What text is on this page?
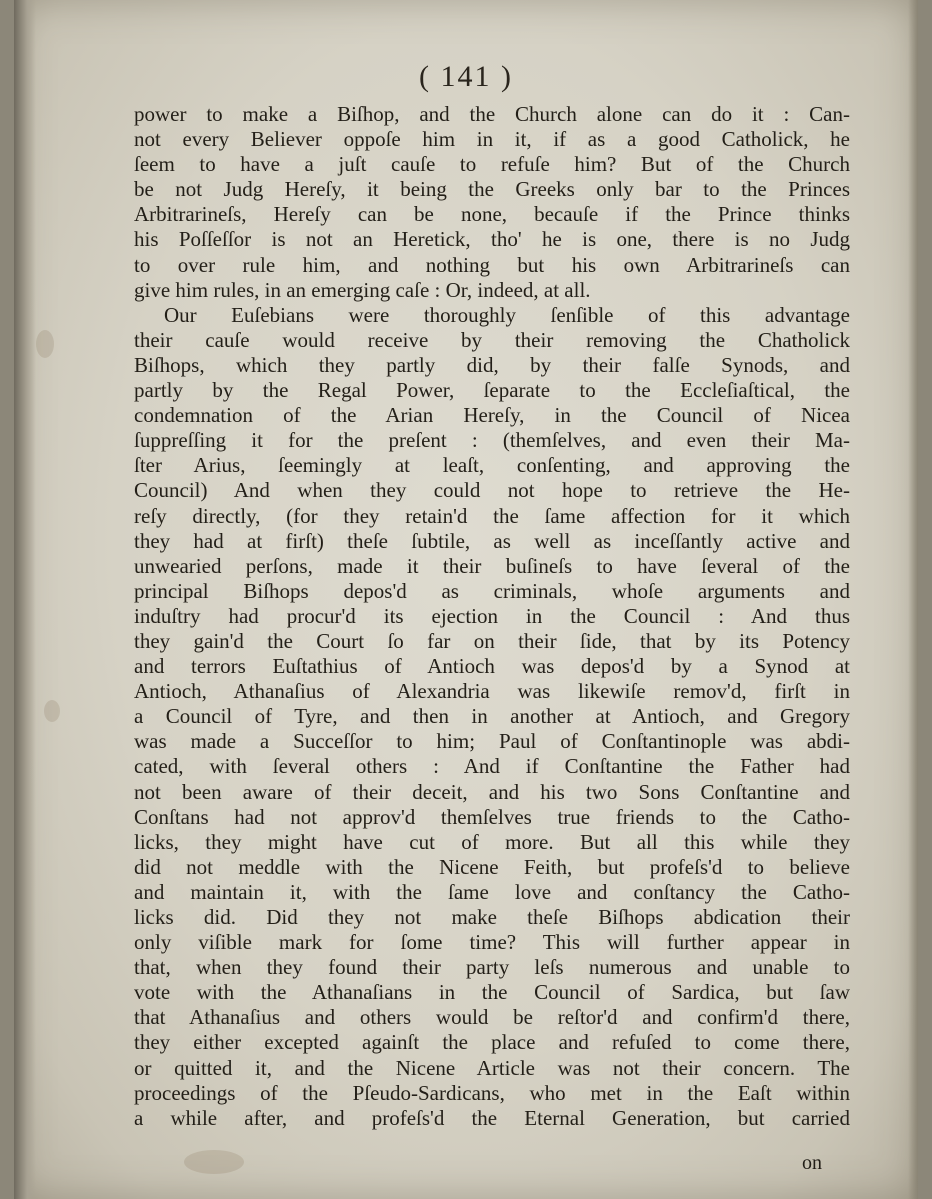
( 141 )
power to make a Biſhop, and the Church alone can do it : Can-
not every Believer oppoſe him in it, if as a good Catholick, he
ſeem to have a juſt cauſe to refuſe him? But of the Church
be not Judg Hereſy, it being the Greeks only bar to the Princes
Arbitrarineſs, Hereſy can be none, becauſe if the Prince thinks
his Poſſeſſor is not an Heretick, tho' he is one, there is no Judg
to over rule him, and nothing but his own Arbitrarineſs can
give him rules, in an emerging caſe : Or, indeed, at all.
Our Euſebians were thoroughly ſenſible of this advantage
their cauſe would receive by their removing the Chatholick
Biſhops, which they partly did, by their falſe Synods, and
partly by the Regal Power, ſeparate to the Eccleſiaſtical, the
condemnation of the Arian Hereſy, in the Council of Nicea
ſuppreſſing it for the preſent : (themſelves, and even their Ma-
ſter Arius, ſeemingly at leaſt, conſenting, and approving the
Council) And when they could not hope to retrieve the He-
reſy directly, (for they retain'd the ſame affection for it which
they had at firſt) theſe ſubtile, as well as inceſſantly active and
unwearied perſons, made it their buſineſs to have ſeveral of the
principal Biſhops depos'd as criminals, whoſe arguments and
induſtry had procur'd its ejection in the Council : And thus
they gain'd the Court ſo far on their ſide, that by its Potency
and terrors Euſtathius of Antioch was depos'd by a Synod at
Antioch, Athanaſius of Alexandria was likewiſe remov'd, firſt in
a Council of Tyre, and then in another at Antioch, and Gregory
was made a Succeſſor to him; Paul of Conſtantinople was abdi-
cated, with ſeveral others : And if Conſtantine the Father had
not been aware of their deceit, and his two Sons Conſtantine and
Conſtans had not approv'd themſelves true friends to the Catho-
licks, they might have cut of more. But all this while they
did not meddle with the Nicene Feith, but profeſs'd to believe
and maintain it, with the ſame love and conſtancy the Catho-
licks did. Did they not make theſe Biſhops abdication their
only viſible mark for ſome time? This will further appear in
that, when they found their party leſs numerous and unable to
vote with the Athanaſians in the Council of Sardica, but ſaw
that Athanaſius and others would be reſtor'd and confirm'd there,
they either excepted againſt the place and refuſed to come there,
or quitted it, and the Nicene Article was not their concern. The
proceedings of the Pſeudo-Sardicans, who met in the Eaſt within
a while after, and profeſs'd the Eternal Generation, but carried
on
